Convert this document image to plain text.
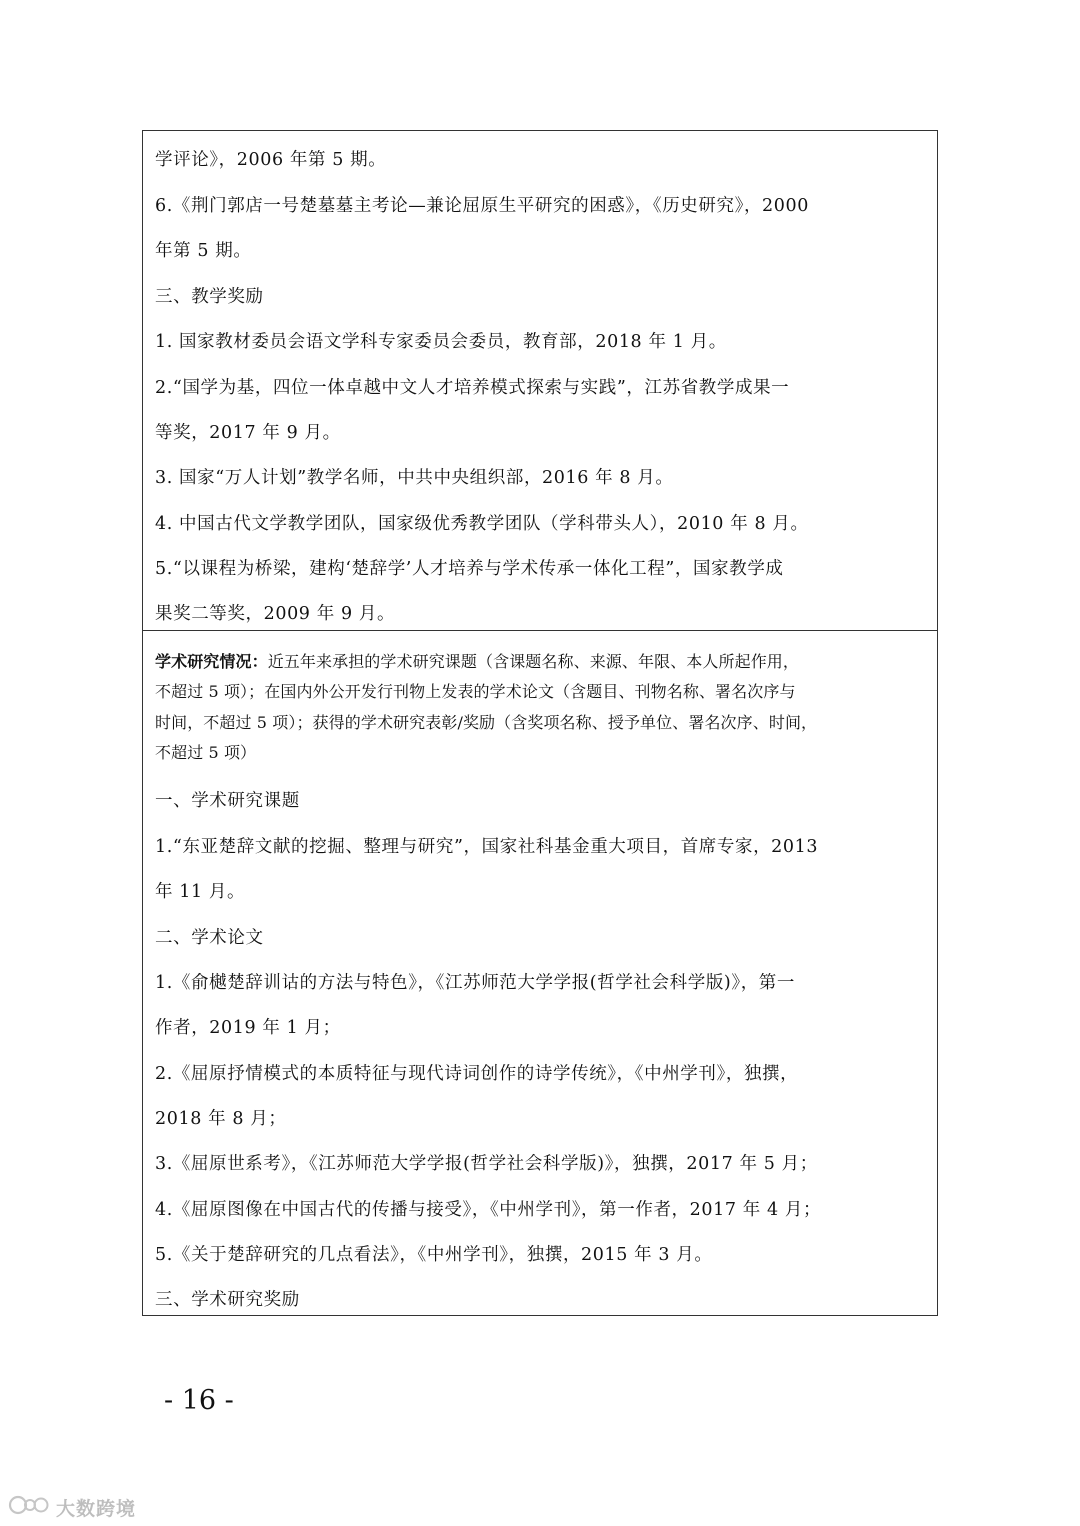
学评论》，2006 年第 5 期。
6.《荆门郭店一号楚墓墓主考论—兼论屈原生平研究的困惑》，《历史研究》，2000
年第 5 期。
三、教学奖励
1. 国家教材委员会语文学科专家委员会委员，教育部，2018 年 1 月。
2.“国学为基，四位一体卓越中文人才培养模式探索与实践”，江苏省教学成果一
等奖，2017 年 9 月。
3. 国家“万人计划”教学名师，中共中央组织部，2016 年 8 月。
4. 中国古代文学教学团队，国家级优秀教学团队（学科带头人），2010 年 8 月。
5.“以课程为桥梁，建构‘楚辞学’人才培养与学术传承一体化工程”，国家教学成
果奖二等奖，2009 年 9 月。
学术研究情况：近五年来承担的学术研究课题（含课题名称、来源、年限、本人所起作用，
不超过 5 项）；在国内外公开发行刊物上发表的学术论文（含题目、刊物名称、署名次序与
时间，不超过 5 项）；获得的学术研究表彰/奖励（含奖项名称、授予单位、署名次序、时间，
不超过 5 项）
一、学术研究课题
1.“东亚楚辞文献的挖掘、整理与研究”，国家社科基金重大项目，首席专家，2013
年 11 月。
二、学术论文
1.《俞樾楚辞训诂的方法与特色》，《江苏师范大学学报(哲学社会科学版)》，第一
作者，2019 年 1 月；
2.《屈原抒情模式的本质特征与现代诗词创作的诗学传统》，《中州学刊》，独撰，
2018 年 8 月；
3.《屈原世系考》，《江苏师范大学学报(哲学社会科学版)》，独撰，2017 年 5 月；
4.《屈原图像在中国古代的传播与接受》，《中州学刊》，第一作者，2017 年 4 月；
5.《关于楚辞研究的几点看法》，《中州学刊》，独撰，2015 年 3 月。
三、学术研究奖励
- 16 -
大数跨境
